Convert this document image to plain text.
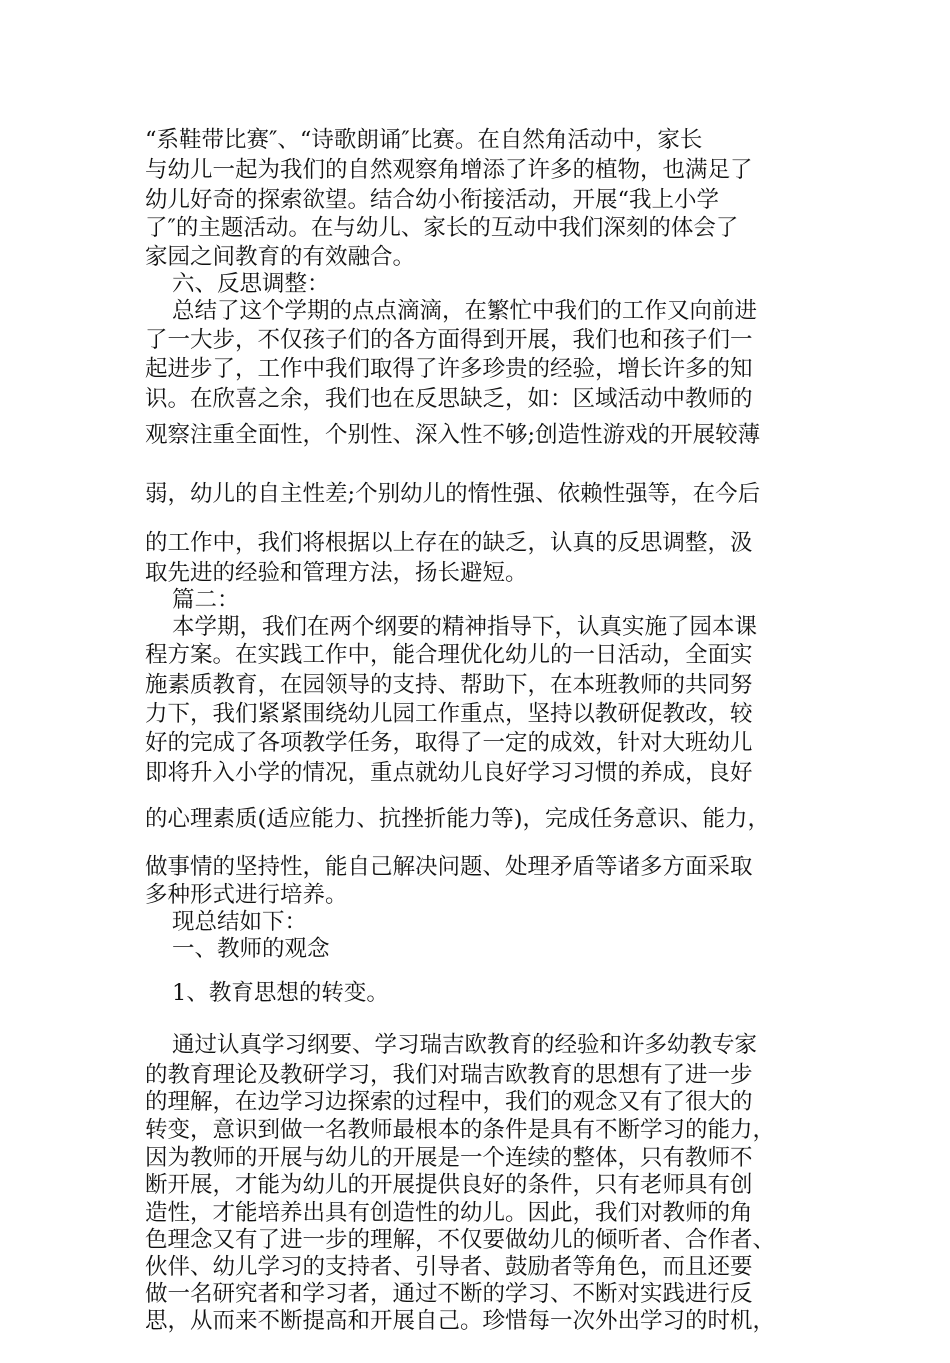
“系鞋带比赛″、“诗歌朗诵″比赛。在自然角活动中，家长
与幼儿一起为我们的自然观察角增添了许多的植物，也满足了
幼儿好奇的探索欲望。结合幼小衔接活动，开展“我上小学
了″的主题活动。在与幼儿、家长的互动中我们深刻的体会了
家园之间教育的有效融合。
六、反思调整：
总结了这个学期的点点滴滴，在繁忙中我们的工作又向前进
了一大步，不仅孩子们的各方面得到开展，我们也和孩子们一
起进步了，工作中我们取得了许多珍贵的经验，增长许多的知
识。在欣喜之余，我们也在反思缺乏，如：区域活动中教师的
观察注重全面性，个别性、深入性不够;创造性游戏的开展较薄
弱，幼儿的自主性差;个别幼儿的惰性强、依赖性强等，在今后
的工作中，我们将根据以上存在的缺乏，认真的反思调整，汲
取先进的经验和管理方法，扬长避短。
篇二：
本学期，我们在两个纲要的精神指导下，认真实施了园本课
程方案。在实践工作中，能合理优化幼儿的一日活动，全面实
施素质教育，在园领导的支持、帮助下，在本班教师的共同努
力下，我们紧紧围绕幼儿园工作重点，坚持以教研促教改，较
好的完成了各项教学任务，取得了一定的成效，针对大班幼儿
即将升入小学的情况，重点就幼儿良好学习习惯的养成，良好
的心理素质(适应能力、抗挫折能力等)，完成任务意识、能力，
做事情的坚持性，能自己解决问题、处理矛盾等诸多方面采取
多种形式进行培养。
现总结如下：
一、教师的观念
1、教育思想的转变。
通过认真学习纲要、学习瑞吉欧教育的经验和许多幼教专家
的教育理论及教研学习，我们对瑞吉欧教育的思想有了进一步
的理解，在边学习边探索的过程中，我们的观念又有了很大的
转变，意识到做一名教师最根本的条件是具有不断学习的能力，
因为教师的开展与幼儿的开展是一个连续的整体，只有教师不
断开展，才能为幼儿的开展提供良好的条件，只有老师具有创
造性，才能培养出具有创造性的幼儿。因此，我们对教师的角
色理念又有了进一步的理解，不仅要做幼儿的倾听者、合作者、
伙伴、幼儿学习的支持者、引导者、鼓励者等角色，而且还要
做一名研究者和学习者，通过不断的学习、不断对实践进行反
思，从而来不断提高和开展自己。珍惜每一次外出学习的时机，
